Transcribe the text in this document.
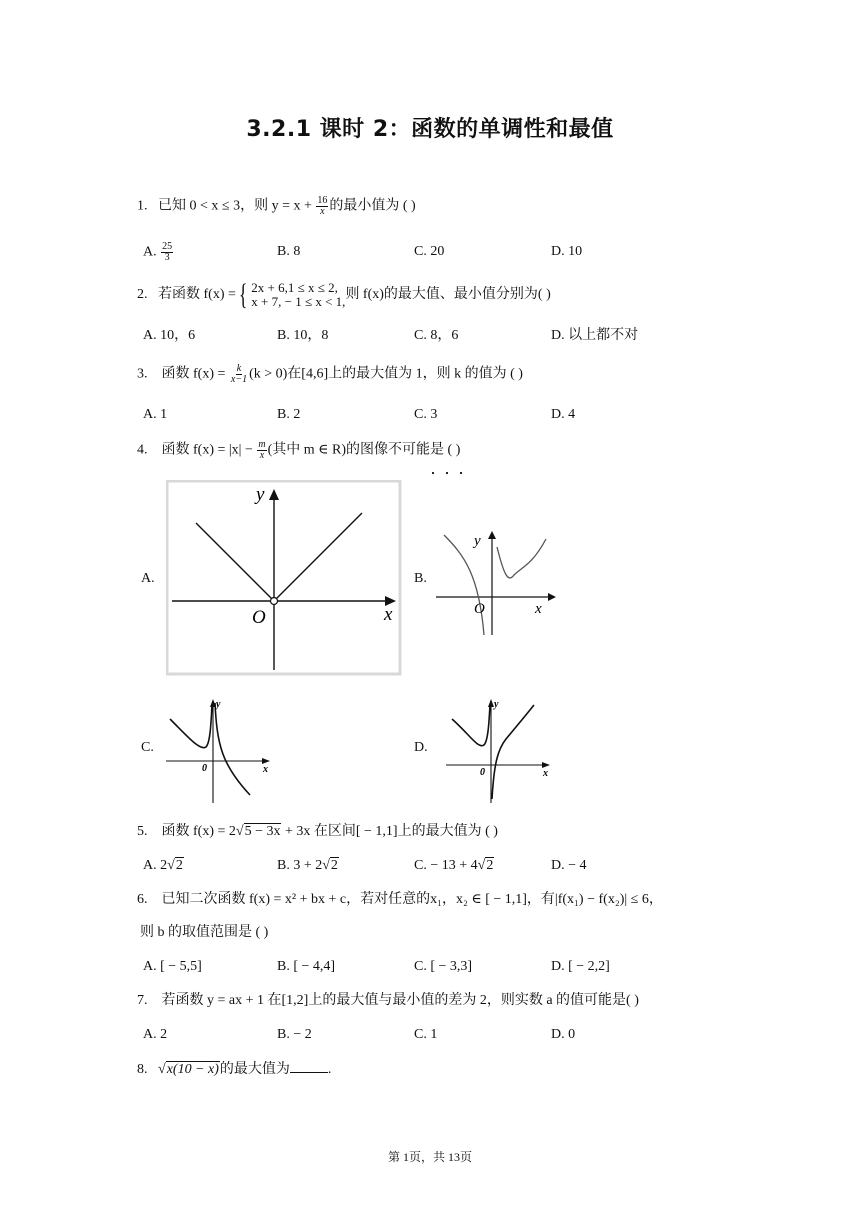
3.2.1 课时 2：函数的单调性和最值
1. 已知 0 < x ≤ 3，则 $y = x + \frac{16}{x}$ 的最小值为 ( )
A. $\frac{25}{3}$	B. 8	C. 20	D. 10
2.
若函数 f(x) = { 2x + 6,1 ≤ x ≤ 2,
x + 7, − 1 ≤ x < 1, 则 f(x)的最大值、最小值分别为( )
A. 10，6	B. 10，8	C. 8，6	D. 以上都不对
3. 函数 $f(x) = \frac{k}{x-1} (k > 0)$在[4,6]上的最大值为 1，则 k 的值为 ( )
A. 1	B. 2	C. 3	D. 4
4. 函数 $f(x) = |x| - \frac{m}{x}$ (其中 m ∈ R)的图像不可能是 ( )
A.	B.
C.	D.
y
x
O
y
x
O
y
x
0
y
x
0
5. 函数 f(x) = 2√5 − 3x + 3x 在区间[ − 1,1]上的最大值为 ( )
A. 2√2	B. 3 + 2√2	C. − 13 + 4√2	D. − 4
6. 已知二次函数 f(x) = x² + bx + c，若对任意的x₁，x₂ ∈ [ − 1,1]，有|f(x₁) − f(x₂)| ≤ 6，
则 b 的取值范围是 ( )
A. [ − 5,5]	B. [ − 4,4]	C. [ − 3,3]	D. [ − 2,2]
7. 若函数 y = ax + 1 在[1,2]上的最大值与最小值的差为 2，则实数 a 的值可能是( )
A. 2	B. − 2	C. 1	D. 0
8.   √x(10 − x)的最大值为	.
第 1页，共 13页
